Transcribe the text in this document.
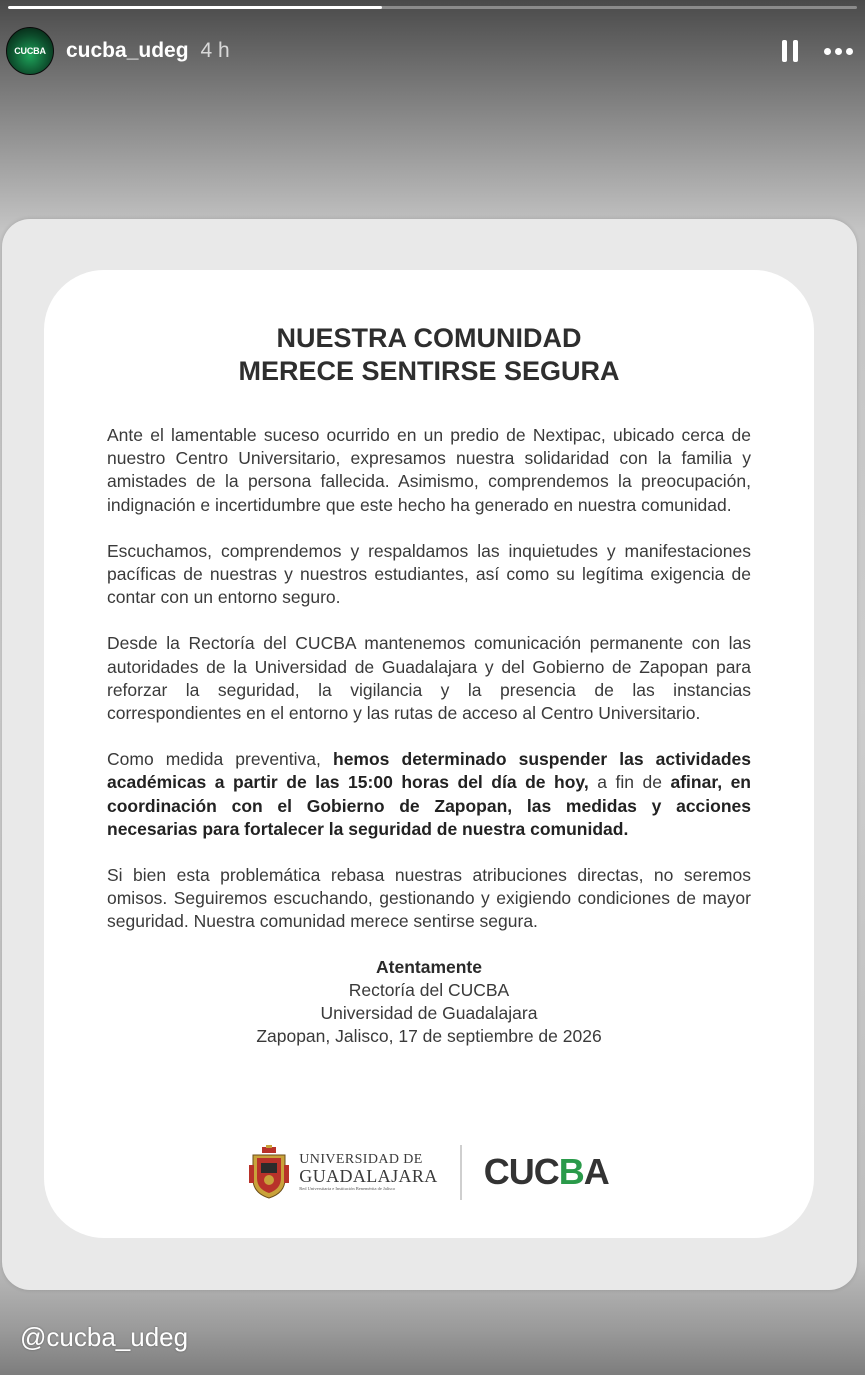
CUCBA cucba_udeg 4 h

NUESTRA COMUNIDAD
MERECE SENTIRSE SEGURA

Ante el lamentable suceso ocurrido en un predio de Nextipac, ubicado cerca de nuestro Centro Universitario, expresamos nuestra solidaridad con la familia y amistades de la persona fallecida. Asimismo, comprendemos la preocupación, indignación e incertidumbre que este hecho ha generado en nuestra comunidad.

Escuchamos, comprendemos y respaldamos las inquietudes y manifestaciones pacíficas de nuestras y nuestros estudiantes, así como su legítima exigencia de contar con un entorno seguro.

Desde la Rectoría del CUCBA mantenemos comunicación permanente con las autoridades de la Universidad de Guadalajara y del Gobierno de Zapopan para reforzar la seguridad, la vigilancia y la presencia de las instancias correspondientes en el entorno y las rutas de acceso al Centro Universitario.

Como medida preventiva, hemos determinado suspender las actividades académicas a partir de las 15:00 horas del día de hoy, a fin de afinar, en coordinación con el Gobierno de Zapopan, las medidas y acciones necesarias para fortalecer la seguridad de nuestra comunidad.

Si bien esta problemática rebasa nuestras atribuciones directas, no seremos omisos. Seguiremos escuchando, gestionando y exigiendo condiciones de mayor seguridad. Nuestra comunidad merece sentirse segura.

Atentamente
Rectoría del CUCBA
Universidad de Guadalajara
Zapopan, Jalisco, 17 de septiembre de 2026
UNIVERSIDAD DE
GUADALAJARA
Red Universitaria e Institución Benemérita de Jalisco	CUCBA
@cucba_udeg
